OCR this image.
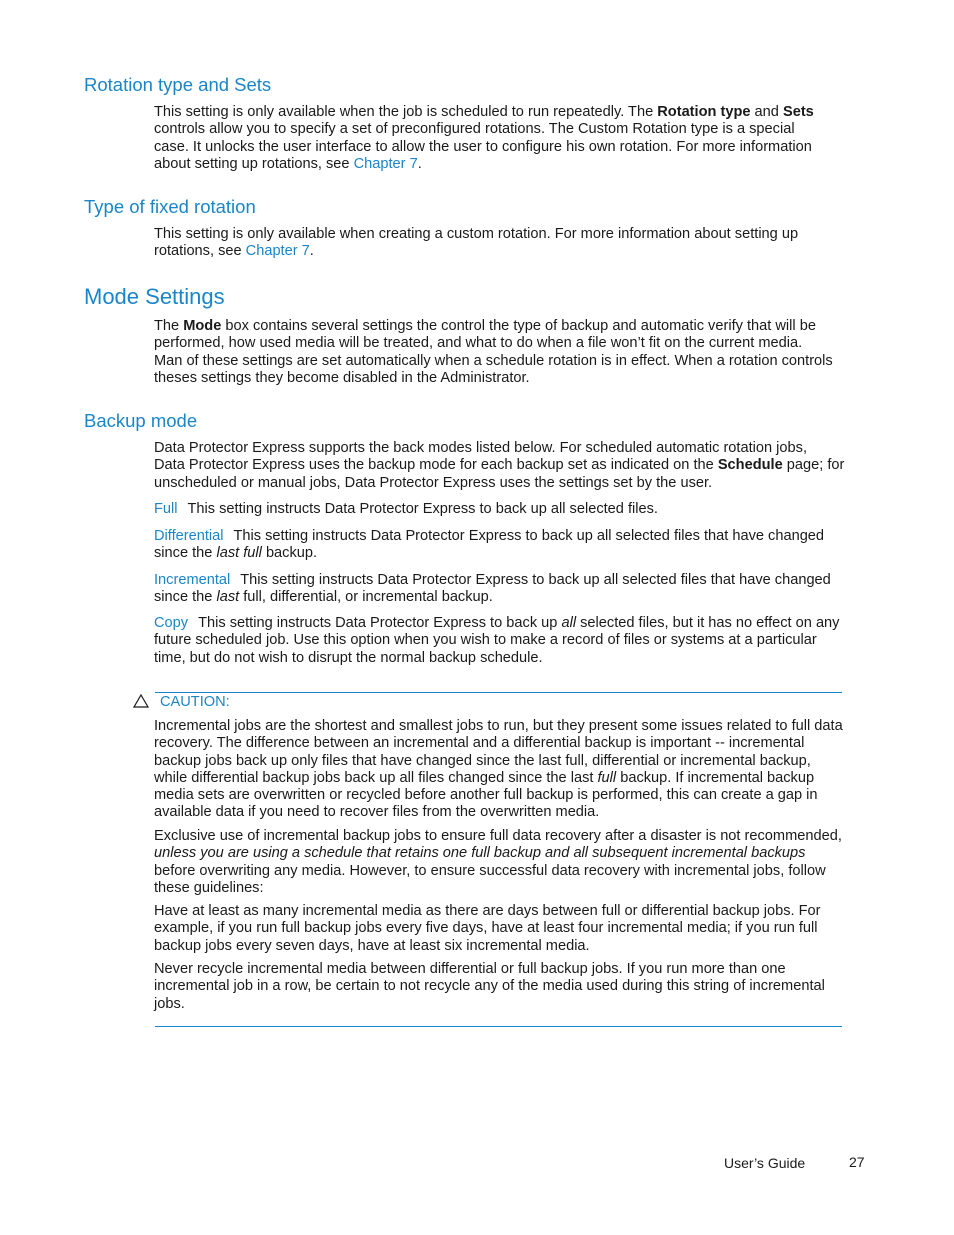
Rotation type and Sets
This setting is only available when the job is scheduled to run repeatedly. The Rotation type and Sets
controls allow you to specify a set of preconfigured rotations. The Custom Rotation type is a special
case. It unlocks the user interface to allow the user to configure his own rotation. For more information
about setting up rotations, see Chapter 7.
Type of fixed rotation
This setting is only available when creating a custom rotation. For more information about setting up
rotations, see Chapter 7.
Mode Settings
The Mode box contains several settings the control the type of backup and automatic verify that will be
performed, how used media will be treated, and what to do when a file won’t fit on the current media.
Man of these settings are set automatically when a schedule rotation is in effect. When a rotation controls
theses settings they become disabled in the Administrator.
Backup mode
Data Protector Express supports the back modes listed below. For scheduled automatic rotation jobs,
Data Protector Express uses the backup mode for each backup set as indicated on the Schedule page; for
unscheduled or manual jobs, Data Protector Express uses the settings set by the user.
Full This setting instructs Data Protector Express to back up all selected files.
Differential This setting instructs Data Protector Express to back up all selected files that have changed
since the last full backup.
Incremental This setting instructs Data Protector Express to back up all selected files that have changed
since the last full, differential, or incremental backup.
Copy This setting instructs Data Protector Express to back up all selected files, but it has no effect on any
future scheduled job. Use this option when you wish to make a record of files or systems at a particular
time, but do not wish to disrupt the normal backup schedule.
CAUTION:
Incremental jobs are the shortest and smallest jobs to run, but they present some issues related to full data
recovery. The difference between an incremental and a differential backup is important -- incremental
backup jobs back up only files that have changed since the last full, differential or incremental backup,
while differential backup jobs back up all files changed since the last full backup. If incremental backup
media sets are overwritten or recycled before another full backup is performed, this can create a gap in
available data if you need to recover files from the overwritten media.
Exclusive use of incremental backup jobs to ensure full data recovery after a disaster is not recommended,
unless you are using a schedule that retains one full backup and all subsequent incremental backups
before overwriting any media. However, to ensure successful data recovery with incremental jobs, follow
these guidelines:
Have at least as many incremental media as there are days between full or differential backup jobs. For
example, if you run full backup jobs every five days, have at least four incremental media; if you run full
backup jobs every seven days, have at least six incremental media.
Never recycle incremental media between differential or full backup jobs. If you run more than one
incremental job in a row, be certain to not recycle any of the media used during this string of incremental
jobs.
User’s Guide	27
